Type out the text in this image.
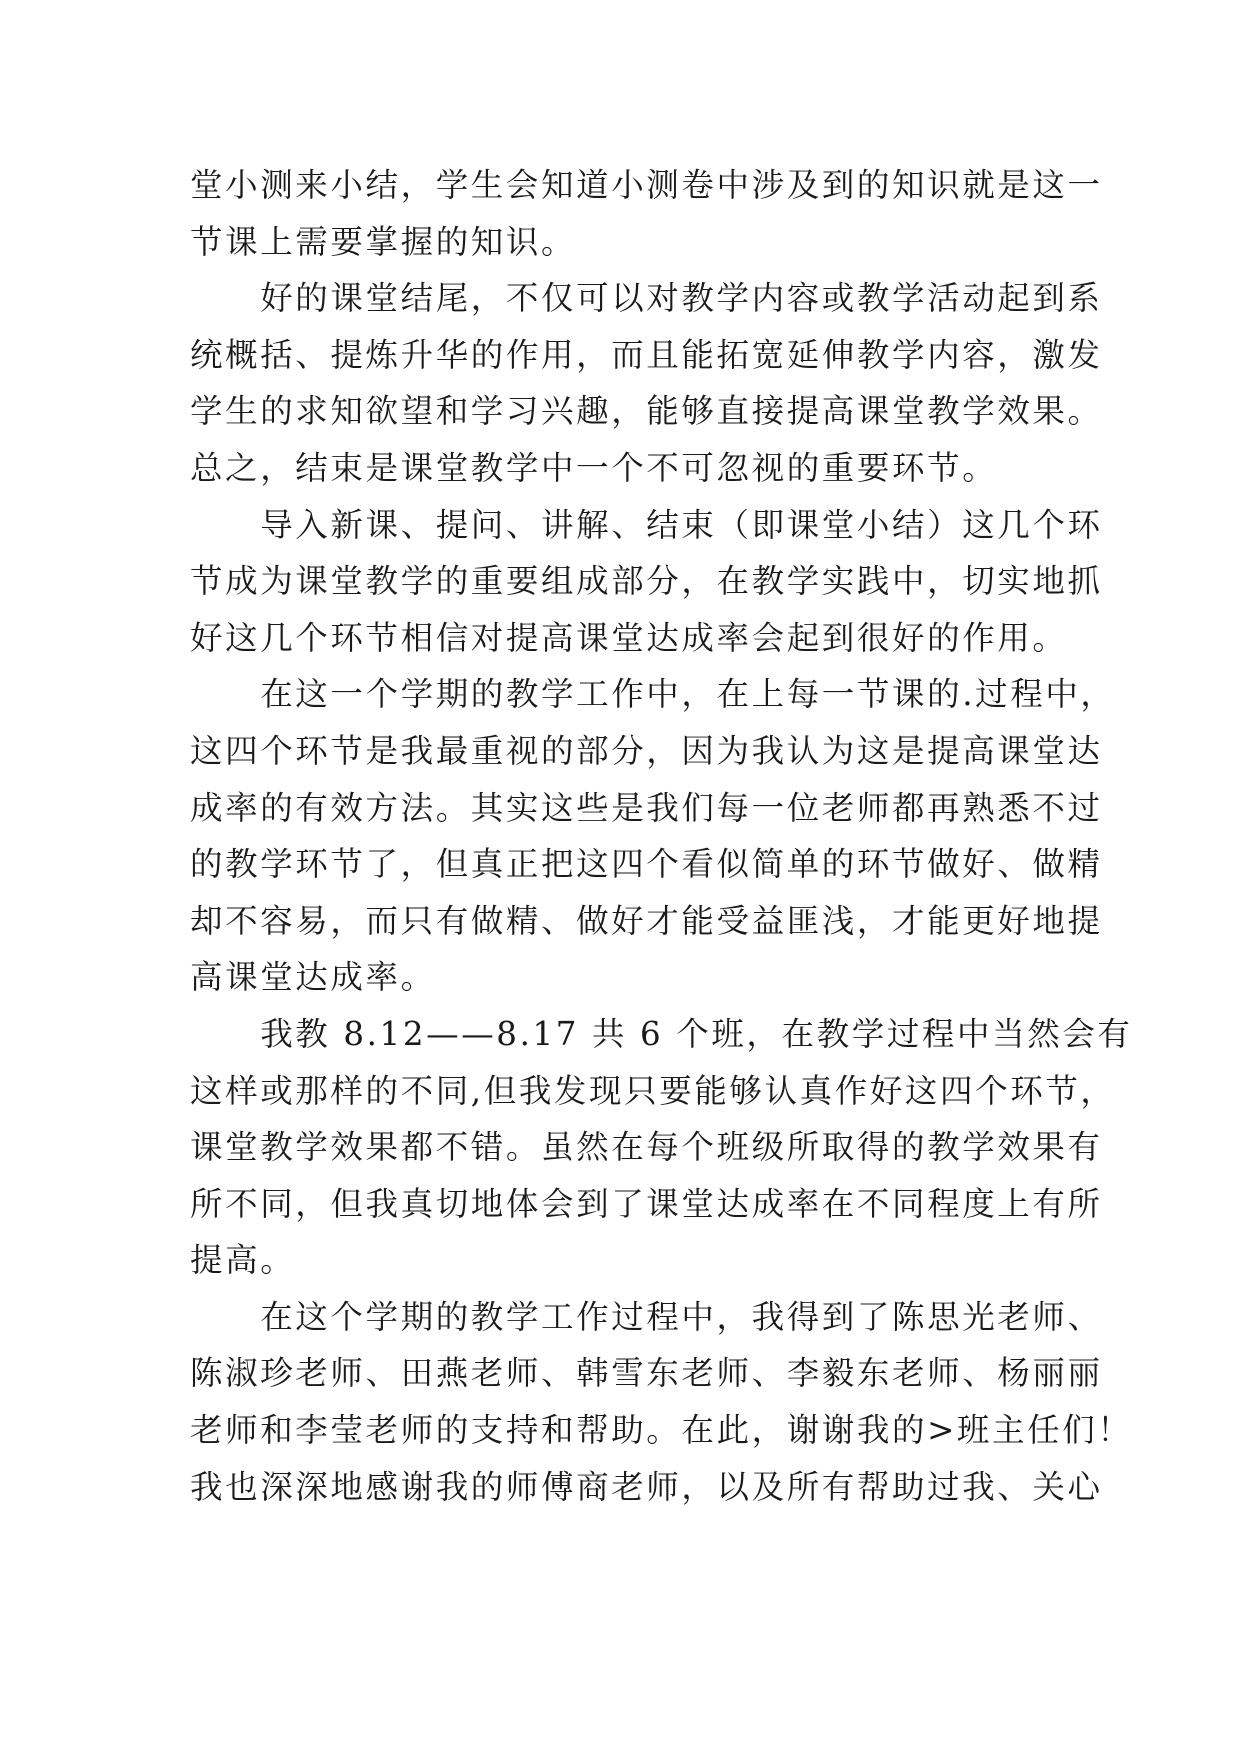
堂小测来小结，学生会知道小测卷中涉及到的知识就是这一
节课上需要掌握的知识。
　　好的课堂结尾，不仅可以对教学内容或教学活动起到系
统概括、提炼升华的作用，而且能拓宽延伸教学内容，激发
学生的求知欲望和学习兴趣，能够直接提高课堂教学效果。
总之，结束是课堂教学中一个不可忽视的重要环节。
　　导入新课、提问、讲解、结束（即课堂小结）这几个环
节成为课堂教学的重要组成部分，在教学实践中，切实地抓
好这几个环节相信对提高课堂达成率会起到很好的作用。
　　在这一个学期的教学工作中，在上每一节课的.过程中，
这四个环节是我最重视的部分，因为我认为这是提高课堂达
成率的有效方法。其实这些是我们每一位老师都再熟悉不过
的教学环节了，但真正把这四个看似简单的环节做好、做精
却不容易，而只有做精、做好才能受益匪浅，才能更好地提
高课堂达成率。
　　我教 8.12——8.17 共 6 个班，在教学过程中当然会有
这样或那样的不同,但我发现只要能够认真作好这四个环节，
课堂教学效果都不错。虽然在每个班级所取得的教学效果有
所不同，但我真切地体会到了课堂达成率在不同程度上有所
提高。
　　在这个学期的教学工作过程中，我得到了陈思光老师、
陈淑珍老师、田燕老师、韩雪东老师、李毅东老师、杨丽丽
老师和李莹老师的支持和帮助。在此，谢谢我的>班主任们！
我也深深地感谢我的师傅商老师，以及所有帮助过我、关心
